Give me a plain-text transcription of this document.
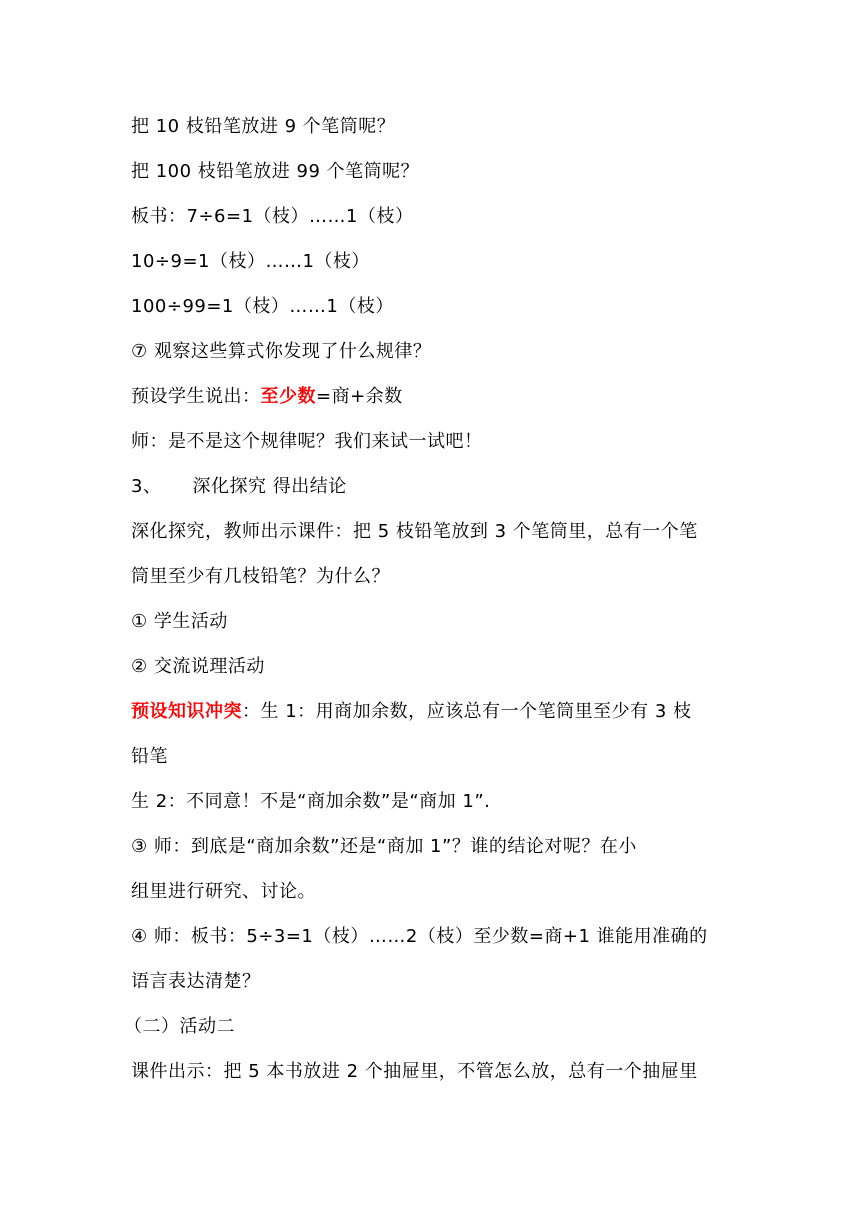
把 10 枝铅笔放进 9 个笔筒呢？
把 100 枝铅笔放进 99 个笔筒呢？
板书：7÷6=1（枝）……1（枝）
10÷9=1（枝）……1（枝）
100÷99=1（枝）……1（枝）
⑦ 观察这些算式你发现了什么规律？
预设学生说出：至少数=商+余数
师：是不是这个规律呢？我们来试一试吧！
3、     深化探究 得出结论
深化探究，教师出示课件：把 5 枝铅笔放到 3 个笔筒里，总有一个笔
筒里至少有几枝铅笔？为什么？
① 学生活动
② 交流说理活动
预设知识冲突：生 1：用商加余数，应该总有一个笔筒里至少有 3 枝
铅笔
生 2：不同意！不是“商加余数”是“商加 1”.
③ 师：到底是“商加余数”还是“商加 1”？谁的结论对呢？在小
组里进行研究、讨论。
④ 师：板书：5÷3=1（枝）……2（枝）至少数=商+1 谁能用准确的
语言表达清楚？
（二）活动二
课件出示：把 5 本书放进 2 个抽屉里，不管怎么放，总有一个抽屉里
